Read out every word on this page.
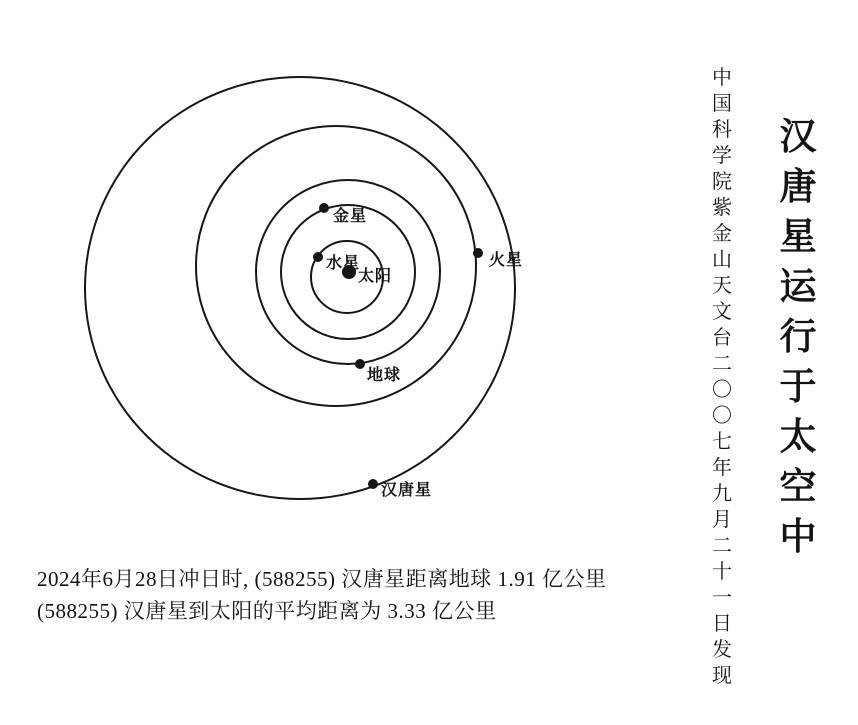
太阳
水星
金星
地球
火星
汉唐星
2024年6月28日冲日时, (588255) 汉唐星距离地球 1.91 亿公里
(588255) 汉唐星到太阳的平均距离为 3.33 亿公里
中
国
科
学
院
紫
金
山
天
文
台
二
〇
〇
七
年
九
月
二
十
一
日
发
现
汉
唐
星
运
行
于
太
空
中
